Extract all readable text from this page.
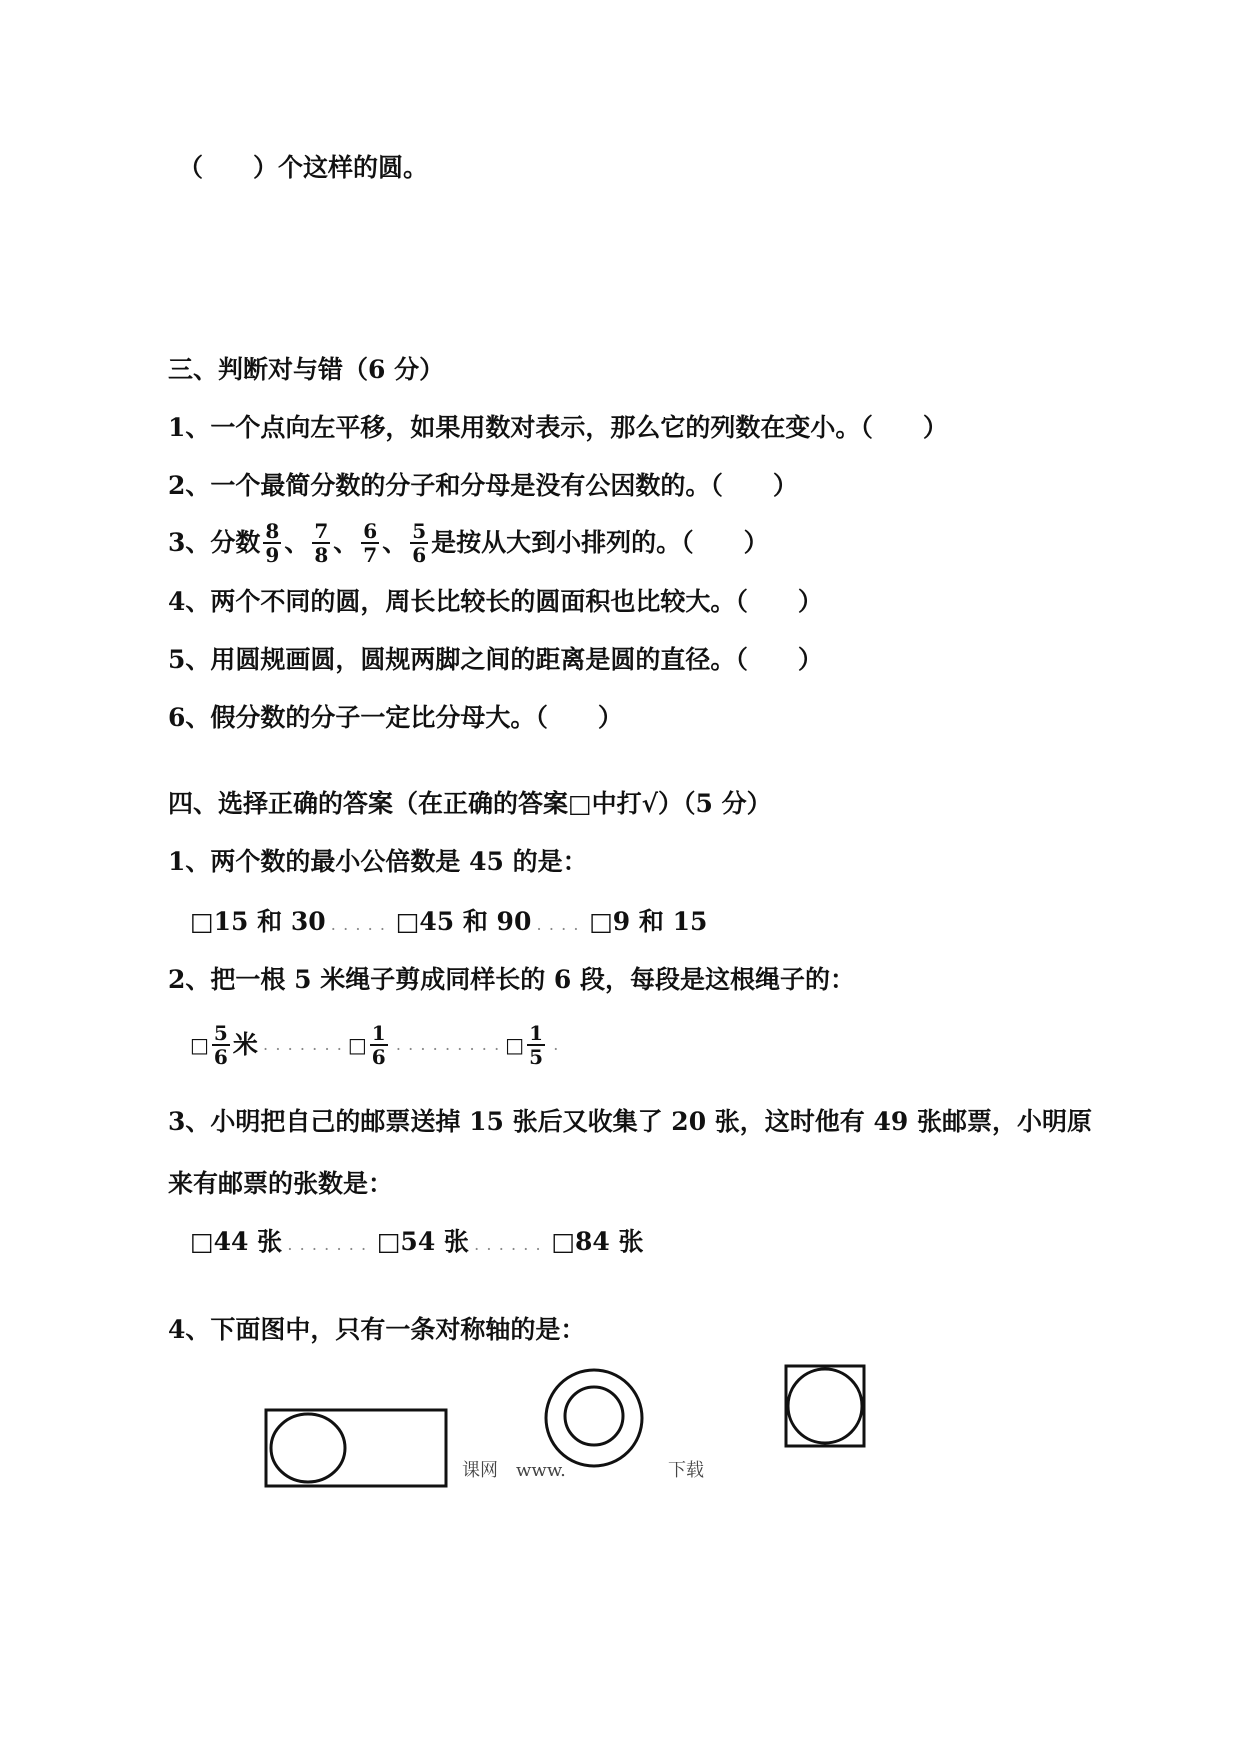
（　　）个这样的圆。
三、判断对与错（6 分）
1、一个点向左平移，如果用数对表示，那么它的列数在变小。（　　）
2、一个最简分数的分子和分母是没有公因数的。（　　）
3、分数 $\frac{8}{9}$ 、 $\frac{7}{8}$ 、 $\frac{6}{7}$ 、 $\frac{5}{6}$ 是按从大到小排列的。（　　）
4、两个不同的圆，周长比较长的圆面积也比较大。（　　）
5、用圆规画圆，圆规两脚之间的距离是圆的直径。（　　）
6、假分数的分子一定比分母大。（　　）
四、选择正确的答案（在正确的答案□中打√）（5 分）
1、两个数的最小公倍数是 45 的是：
□15 和 30 . . . . . □45 和 90 . . . . □9 和 15
2、把一根 5 米绳子剪成同样长的 6 段，每段是这根绳子的：
□ $\frac{5}{6}$ 米  . . . . . . . □ $\frac{1}{6}$  . . . . . . . . . □ $\frac{1}{5}$  .
3、小明把自己的邮票送掉 15 张后又收集了 20 张，这时他有 49 张邮票，小明原
来有邮票的张数是：
□44 张 . . . . . . . □54 张 . . . . . . □84 张
4、下面图中，只有一条对称轴的是：
课网　www.	下载
